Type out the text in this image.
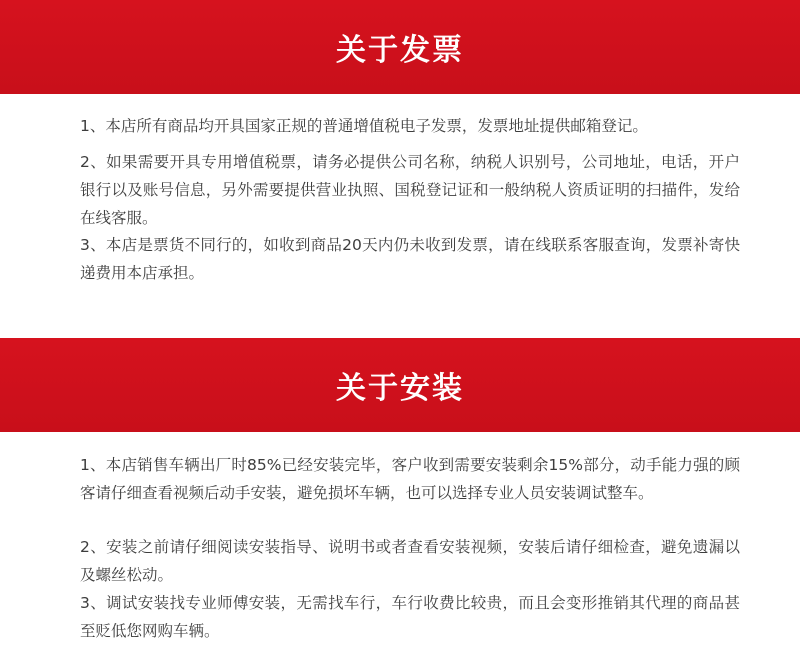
关于发票

1、本店所有商品均开具国家正规的普通增值税电子发票，发票地址提供邮箱登记。

2、如果需要开具专用增值税票，请务必提供公司名称，纳税人识别号，公司地址，电话，开户银行以及账号信息，另外需要提供营业执照、国税登记证和一般纳税人资质证明的扫描件，发给在线客服。

3、本店是票货不同行的，如收到商品20天内仍未收到发票，请在线联系客服查询，发票补寄快递费用本店承担。

关于安装

1、本店销售车辆出厂时85%已经安装完毕，客户收到需要安装剩余15%部分，动手能力强的顾客请仔细查看视频后动手安装，避免损坏车辆，也可以选择专业人员安装调试整车。

2、安装之前请仔细阅读安装指导、说明书或者查看安装视频，安装后请仔细检查，避免遗漏以及螺丝松动。

3、调试安装找专业师傅安装，无需找车行，车行收费比较贵，而且会变形推销其代理的商品甚至贬低您网购车辆。
